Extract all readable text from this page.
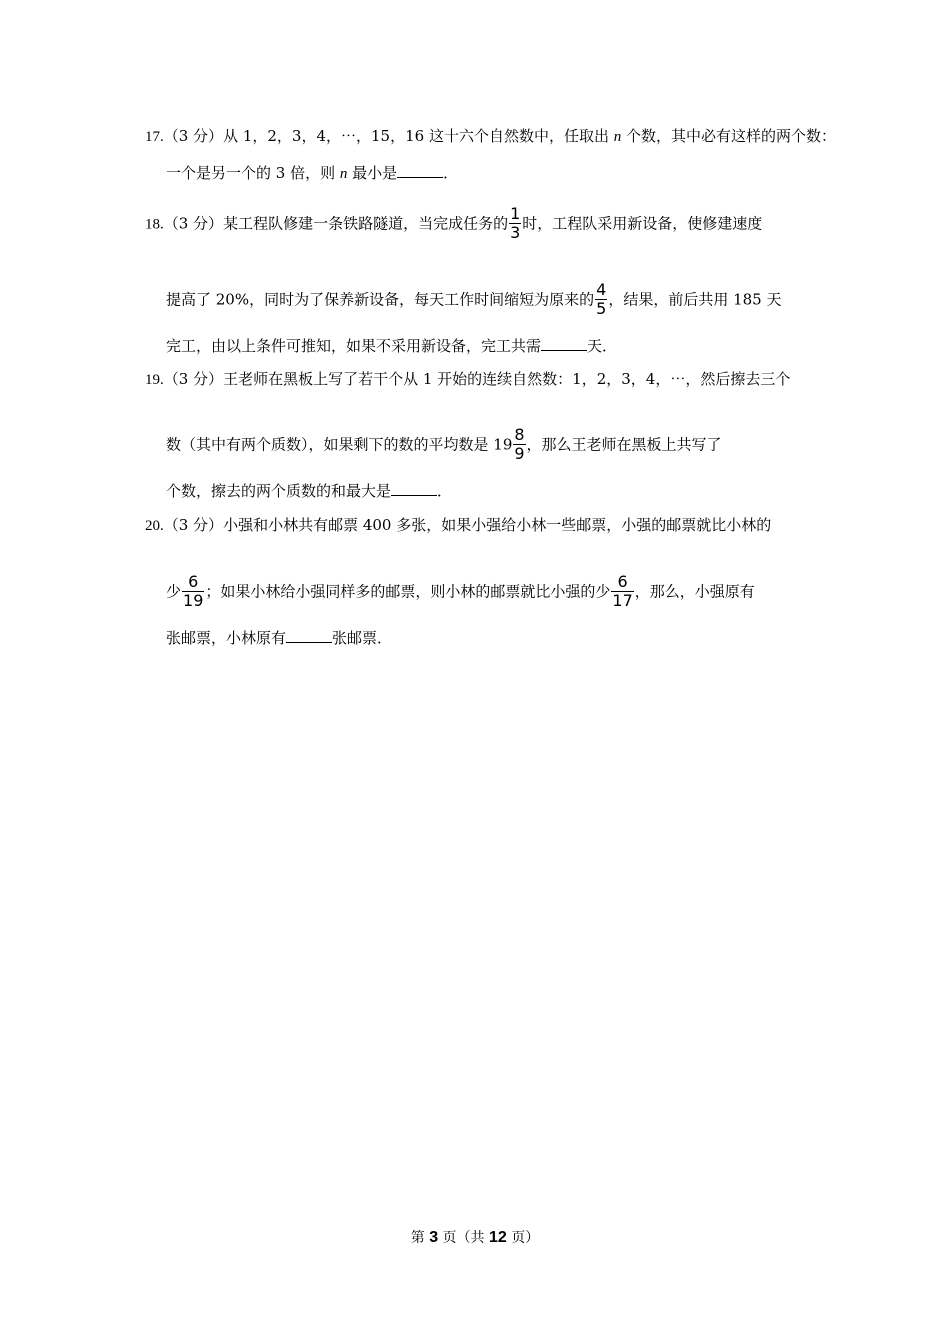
17.（3 分）从 1，2，3，4，⋯，15，16 这十六个自然数中，任取出 n 个数，其中必有这样的两个数：
一个是另一个的 3 倍，则 n 最小是	．
18.（3 分）某工程队修建一条铁路隧道，当完成任务的 $\frac{1}{3}$ 时，工程队采用新设备，使修建速度
提高了 20%，同时为了保养新设备，每天工作时间缩短为原来的 $\frac{4}{5}$ ，结果，前后共用 185 天
完工，由以上条件可推知，如果不采用新设备，完工共需	天．
19.（3 分）王老师在黑板上写了若干个从 1 开始的连续自然数：1，2，3，4，⋯，然后擦去三个
数（其中有两个质数），如果剩下的数的平均数是 $19 \frac{8}{9}$ ，那么王老师在黑板上共写了
个数，擦去的两个质数的和最大是	．
20.（3 分）小强和小林共有邮票 400 多张，如果小强给小林一些邮票，小强的邮票就比小林的
少 $\frac{6}{19}$ ；如果小林给小强同样多的邮票，则小林的邮票就比小强的少 $\frac{6}{17}$ ，那么，小强原有
张邮票，小林原有	张邮票．
第 3 页（共 12 页）
